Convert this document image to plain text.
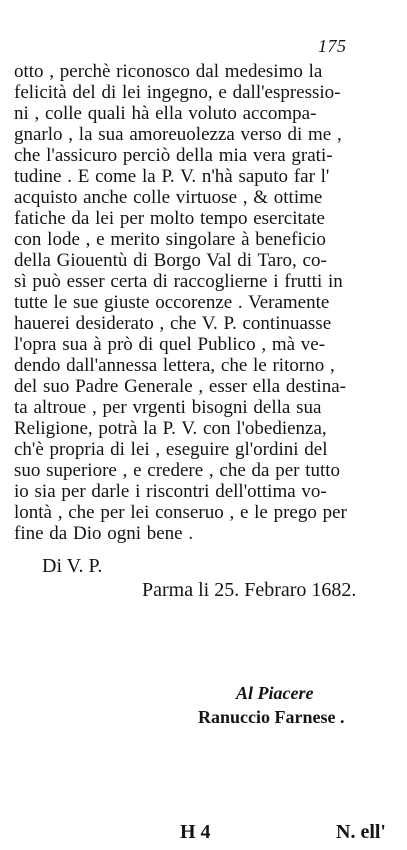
175
otto , perchè riconosco dal medesimo la
felicità del di lei ingegno, e dall'espressio-
ni , colle quali hà ella voluto accompa-
gnarlo , la sua amoreuolezza verso di me ,
che l'assicuro perciò della mia vera grati-
tudine . E come la P. V. n'hà saputo far l'
acquisto anche colle virtuose , & ottime
fatiche da lei per molto tempo esercitate
con lode , e merito singolare à beneficio
della Giouentù di Borgo Val di Taro, co-
sì può esser certa di raccoglierne i frutti in
tutte le sue giuste occorenze . Veramente
hauerei desiderato , che V. P. continuasse
l'opra sua à prò di quel Publico , mà ve-
dendo dall'annessa lettera, che le ritorno ,
del suo Padre Generale , esser ella destina-
ta altroue , per vrgenti bisogni della sua
Religione, potrà la P. V. con l'obedienza,
ch'è propria di lei , eseguire gl'ordini del
suo superiore , e credere , che da per tutto
io sia per darle i riscontri dell'ottima vo-
lontà , che per lei conseruo , e le prego per
fine da Dio ogni bene .
Di V. P.
Parma li 25. Febraro 1682.
Al Piacere
Ranuccio Farnese .
H 4	N. ell'
